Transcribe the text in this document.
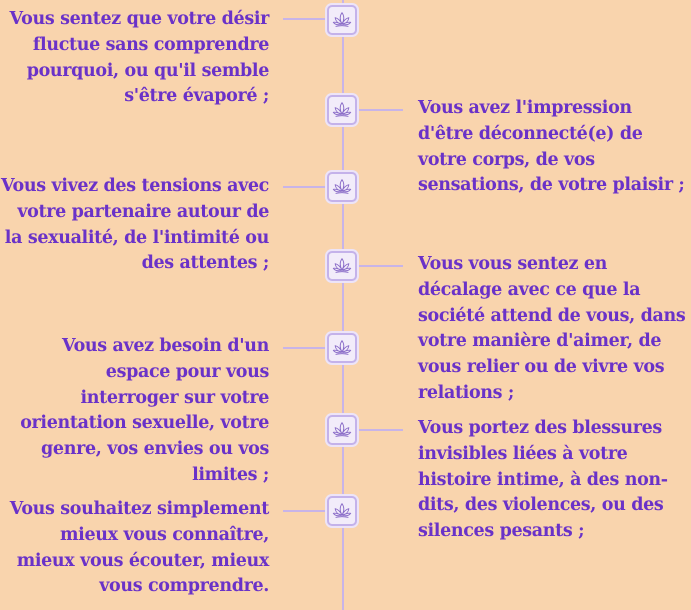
Vous sentez que votre désir fluctue sans comprendre pourquoi, ou qu'il semble s'être évaporé ;

Vous avez l'impression d'être déconnecté(e) de votre corps, de vos sensations, de votre plaisir ;

Vous vivez des tensions avec votre partenaire autour de la sexualité, de l'intimité ou des attentes ;	Vous vous sentez en décalage avec ce que la société attend de vous, dans votre manière d'aimer, de vous relier ou de vivre vos relations ;

Vous avez besoin d'un espace pour vous interroger sur votre orientation sexuelle, votre genre, vos envies ou vos limites ;

Vous portez des blessures invisibles liées à votre histoire intime, à des non-dits, des violences, ou des silences pesants ;

Vous souhaitez simplement mieux vous connaître, mieux vous écouter, mieux vous comprendre.
